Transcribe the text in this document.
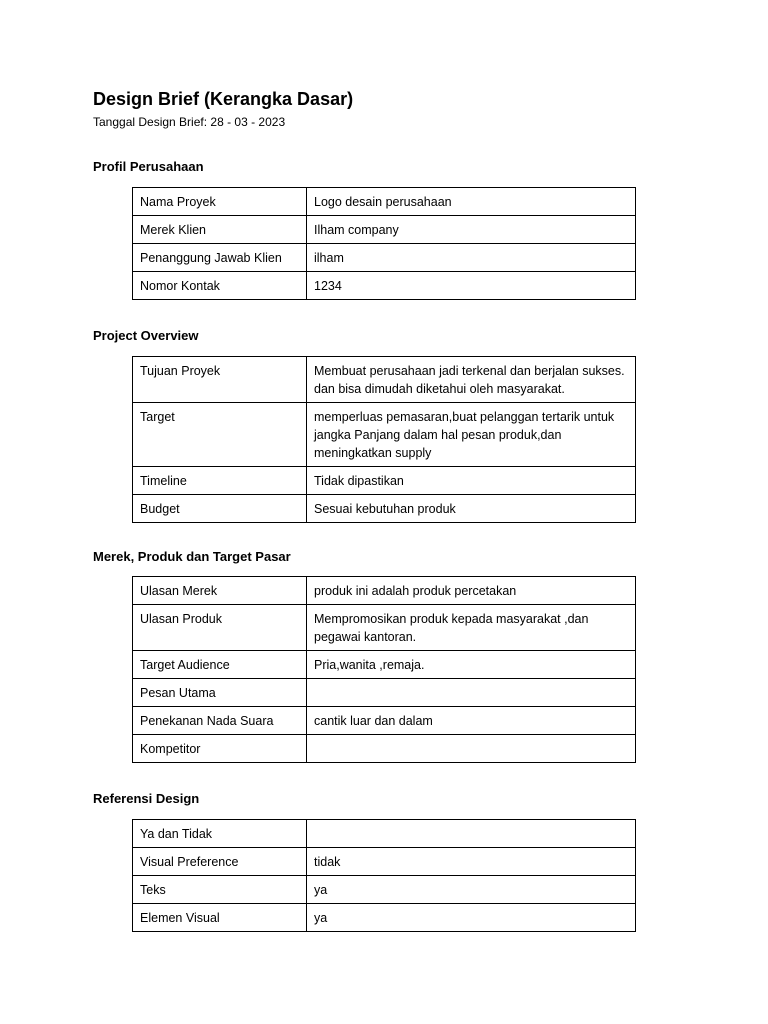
Design Brief (Kerangka Dasar)
Tanggal Design Brief: 28 - 03 - 2023
Profil Perusahaan
Nama Proyek	Logo desain perusahaan
Merek Klien	Ilham company
Penanggung Jawab Klien	ilham
Nomor Kontak	1234
Project Overview
Tujuan Proyek	Membuat perusahaan jadi terkenal dan berjalan sukses. dan bisa dimudah diketahui oleh masyarakat.
Target	memperluas pemasaran,buat pelanggan tertarik untuk jangka Panjang dalam hal pesan produk,dan meningkatkan supply
Timeline	Tidak dipastikan
Budget	Sesuai kebutuhan produk
Merek, Produk dan Target Pasar
Ulasan Merek	produk ini adalah produk percetakan
Ulasan Produk	Mempromosikan produk kepada masyarakat ,dan pegawai kantoran.
Target Audience	Pria,wanita ,remaja.
Pesan Utama	
Penekanan Nada Suara	cantik luar dan dalam
Kompetitor	
Referensi Design
Ya dan Tidak	
Visual Preference	tidak
Teks	ya
Elemen Visual	ya
